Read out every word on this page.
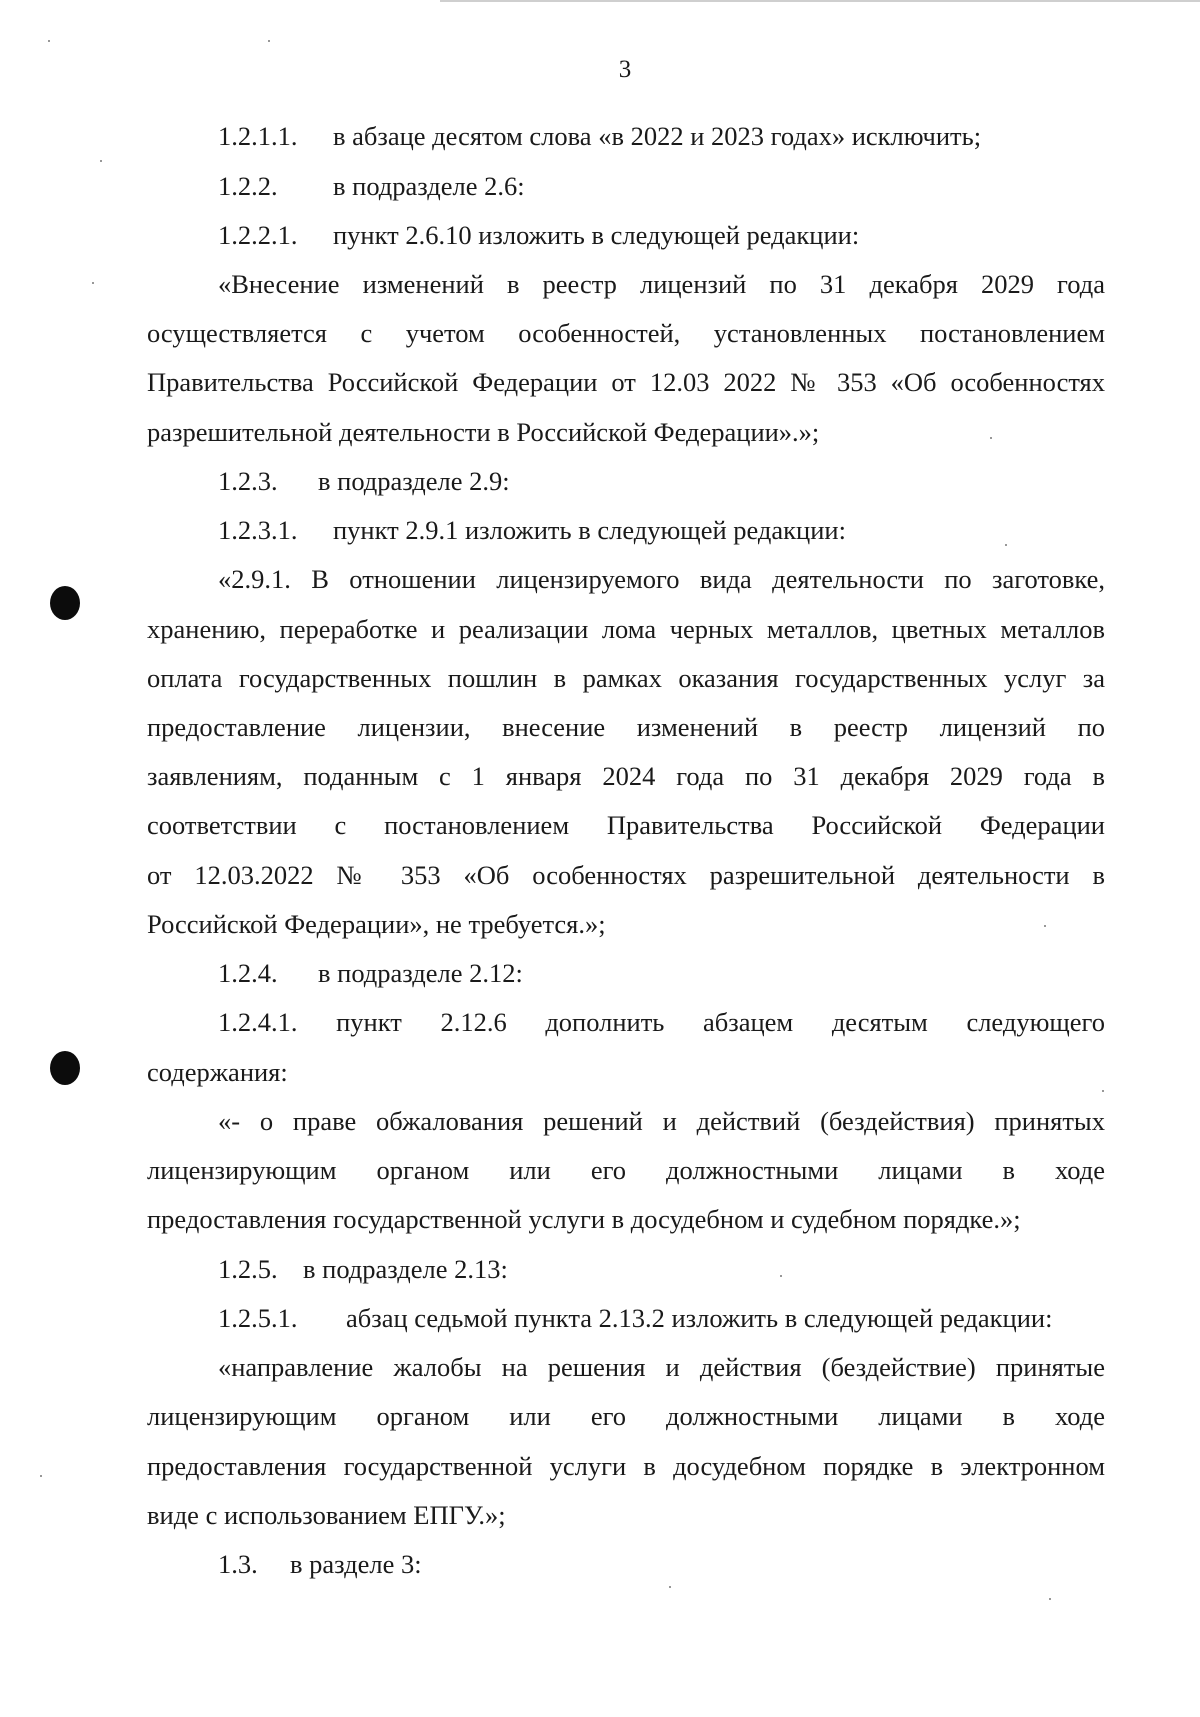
3
1.2.1.1. в абзаце десятом слова «в 2022 и 2023 годах» исключить;
1.2.2. в подразделе 2.6:
1.2.2.1. пункт 2.6.10 изложить в следующей редакции:
«Внесение изменений в реестр лицензий по 31 декабря 2029 года
осуществляется с учетом особенностей, установленных постановлением
Правительства Российской Федерации от 12.03 2022 № 353 «Об особенностях
разрешительной деятельности в Российской Федерации».»;
1.2.3. в подразделе 2.9:
1.2.3.1. пункт 2.9.1 изложить в следующей редакции:
«2.9.1. В отношении лицензируемого вида деятельности по заготовке,
хранению, переработке и реализации лома черных металлов, цветных металлов
оплата государственных пошлин в рамках оказания государственных услуг за
предоставление лицензии, внесение изменений в реестр лицензий по
заявлениям, поданным с 1 января 2024 года по 31 декабря 2029 года в
соответствии с постановлением Правительства Российской Федерации
от 12.03.2022 № 353 «Об особенностях разрешительной деятельности в
Российской Федерации», не требуется.»;
1.2.4. в подразделе 2.12:
1.2.4.1. пункт 2.12.6 дополнить абзацем десятым следующего
содержания:
«- о праве обжалования решений и действий (бездействия) принятых
лицензирующим органом или его должностными лицами в ходе
предоставления государственной услуги в досудебном и судебном порядке.»;
1.2.5. в подразделе 2.13:
1.2.5.1. абзац седьмой пункта 2.13.2 изложить в следующей редакции:
«направление жалобы на решения и действия (бездействие) принятые
лицензирующим органом или его должностными лицами в ходе
предоставления государственной услуги в досудебном порядке в электронном
виде с использованием ЕПГУ.»;
1.3. в разделе 3:
